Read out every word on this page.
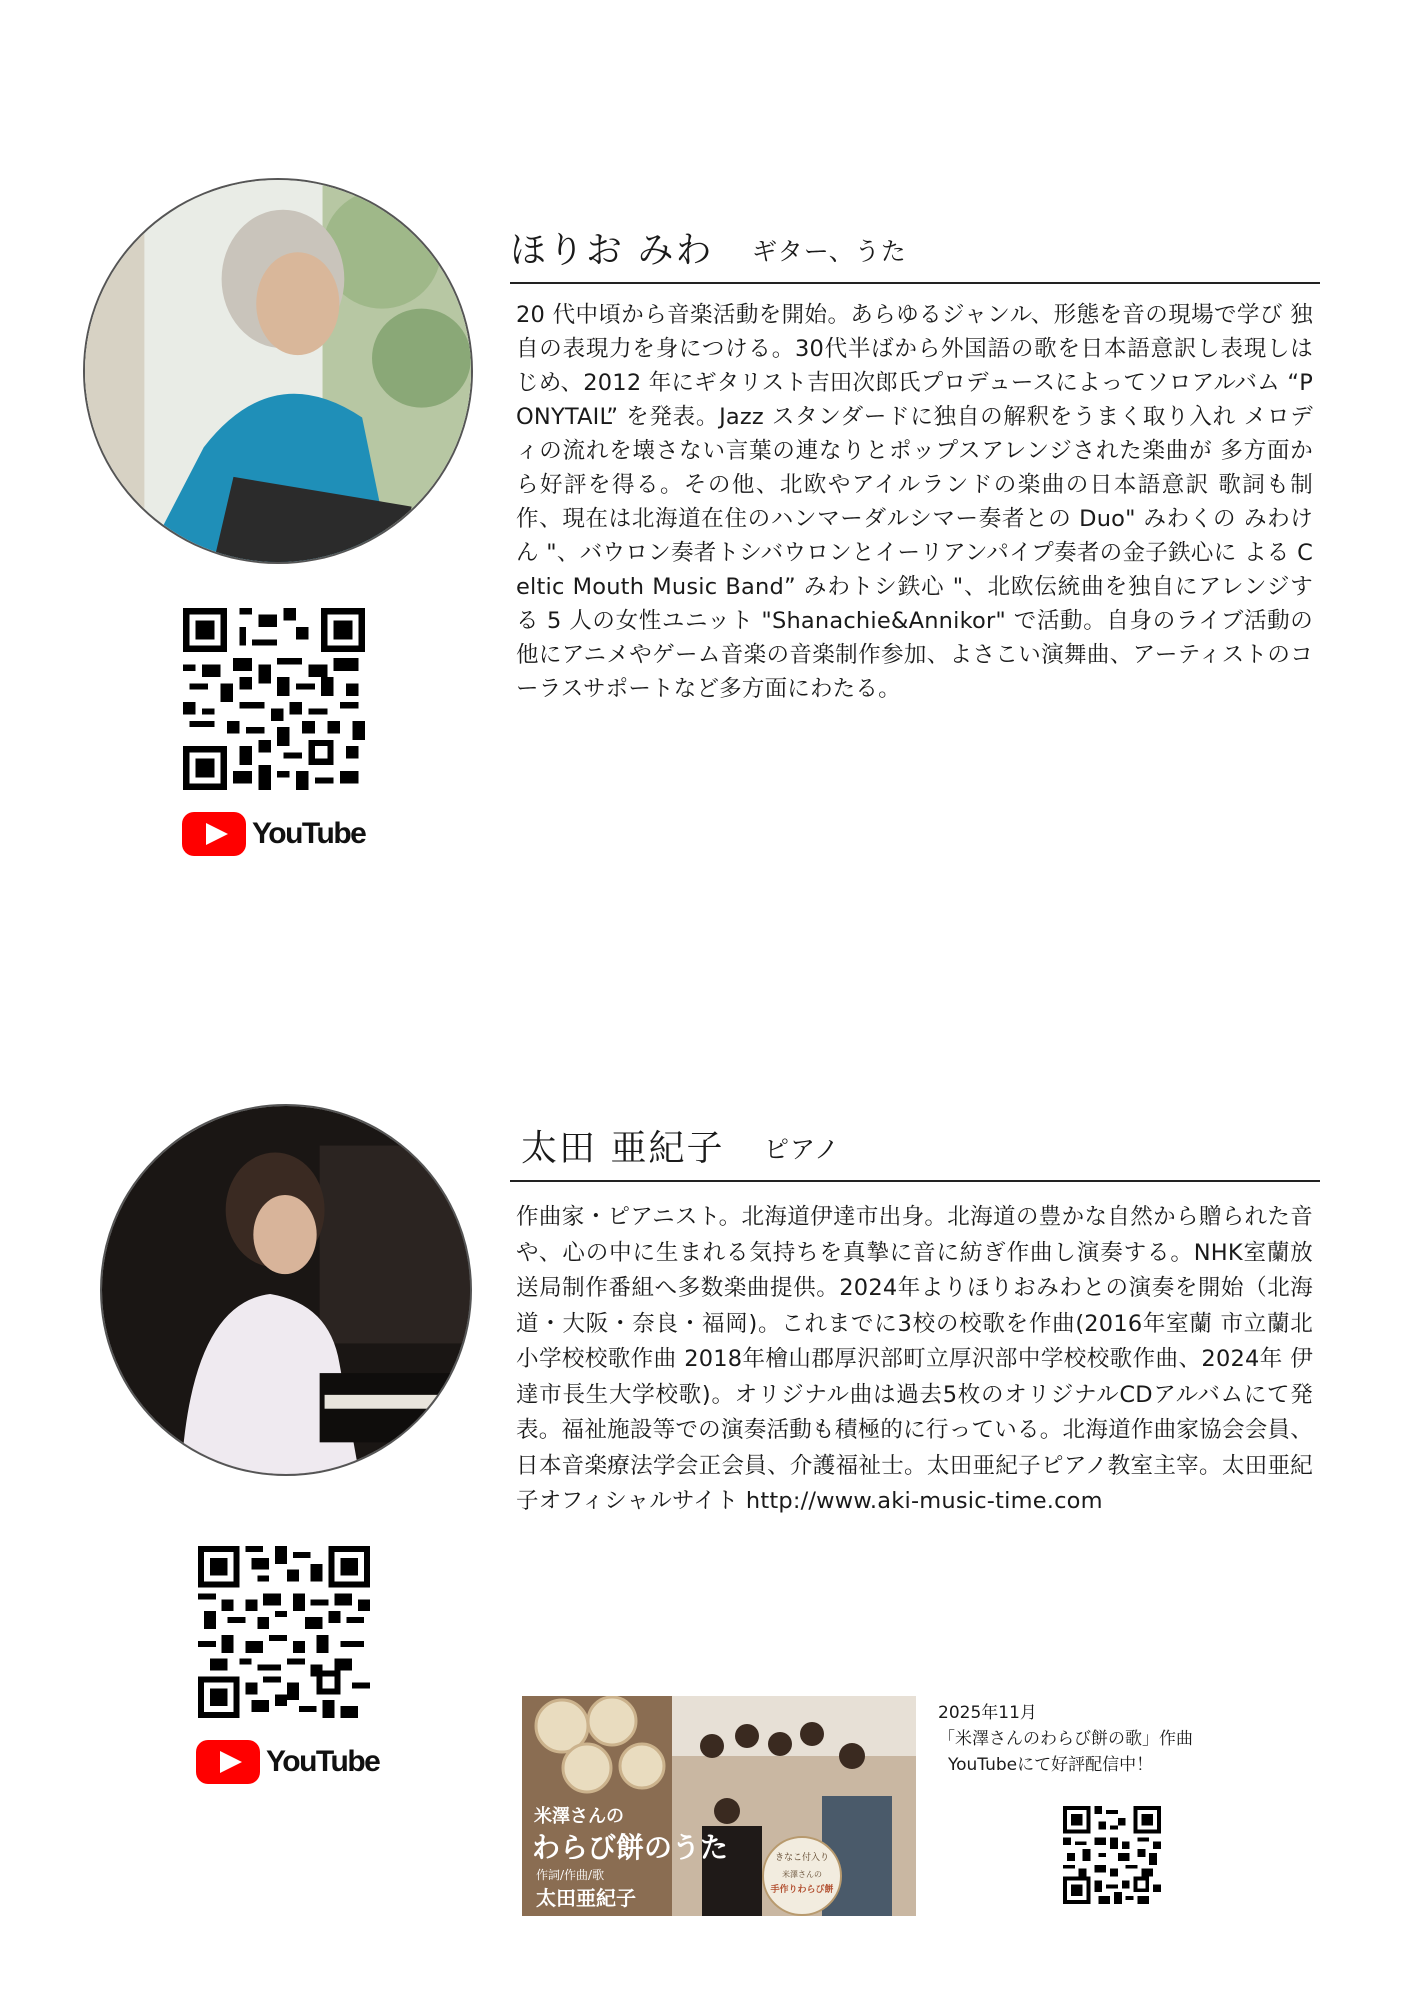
ほりお みわ ギター、うた
20 代中頃から音楽活動を開始。あらゆるジャンル、形態を音の現場で学び 独自の表現力を身につける。30代半ばから外国語の歌を日本語意訳し表現しはじめ、2012 年にギタリスト吉田次郎氏プロデュースによってソロアルバム “PONYTAIL” を発表。Jazz スタンダードに独自の解釈をうまく取り入れ メロディの流れを壊さない言葉の連なりとポップスアレンジされた楽曲が 多方面から好評を得る。その他、北欧やアイルランドの楽曲の日本語意訳 歌詞も制作、現在は北海道在住のハンマーダルシマー奏者との Duo" みわくの みわけん "、バウロン奏者トシバウロンとイーリアンパイプ奏者の金子鉄心に よる Celtic Mouth Music Band” みわトシ鉄心 "、北欧伝統曲を独自にアレンジする 5 人の女性ユニット "Shanachie&Annikor" で活動。自身のライブ活動の 他にアニメやゲーム音楽の音楽制作参加、よさこい演舞曲、アーティストのコーラスサポートなど多方面にわたる。
YouTube
太田 亜紀子 ピアノ
作曲家・ピアニスト。北海道伊達市出身。北海道の豊かな自然から贈られた音や、心の中に生まれる気持ちを真摯に音に紡ぎ作曲し演奏する。NHK室蘭放送局制作番組へ多数楽曲提供。2024年よりほりおみわとの演奏を開始（北海道・大阪・奈良・福岡)。これまでに3校の校歌を作曲(2016年室蘭 市立蘭北小学校校歌作曲 2018年檜山郡厚沢部町立厚沢部中学校校歌作曲、2024年 伊達市長生大学校歌)。オリジナル曲は過去5枚のオリジナルCDアルバムにて発表。福祉施設等での演奏活動も積極的に行っている。北海道作曲家協会会員、日本音楽療法学会正会員、介護福祉士。太田亜紀子ピアノ教室主宰。太田亜紀子オフィシャルサイト http://www.aki-music-time.com
YouTube
米澤さんの
わらび餅のうた
作詞/作曲/歌
太田亜紀子
きなこ付入り
米澤さんの
手作りわらび餅
2025年11月
「米澤さんのわらび餅の歌」作曲
YouTubeにて好評配信中！
